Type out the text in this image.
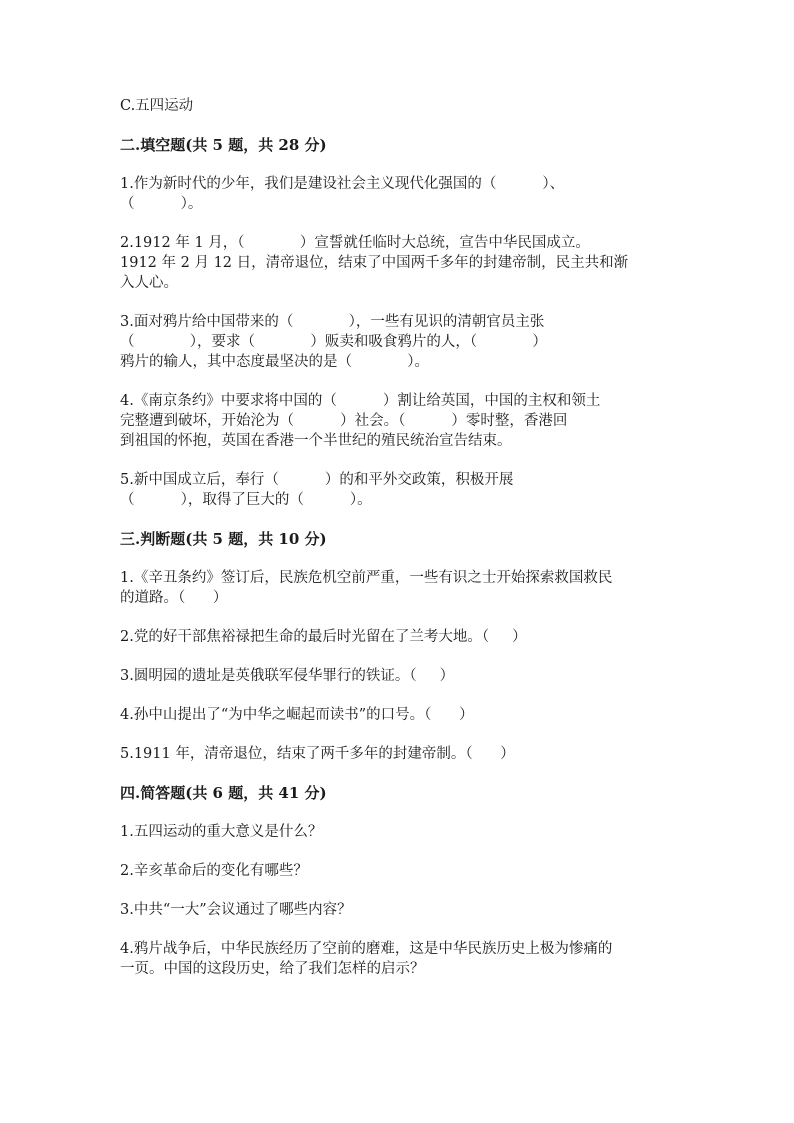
C.五四运动
二.填空题(共 5 题，共 28 分)
1.作为新时代的少年，我们是建设社会主义现代化强国的（          ）、
（          ）。
2.1912 年 1 月，（            ）宣誓就任临时大总统，宣告中华民国成立。
1912 年 2 月 12 日，清帝退位，结束了中国两千多年的封建帝制，民主共和渐
入人心。
3.面对鸦片给中国带来的（            ），一些有见识的清朝官员主张
（            ），要求（            ）贩卖和吸食鸦片的人，（            ）
鸦片的输人，其中态度最坚决的是（            ）。
4.《南京条约》中要求将中国的（          ）割让给英国，中国的主权和领土
完整遭到破坏，开始沦为（          ）社会。（          ）零时整，香港回
到祖国的怀抱，英国在香港一个半世纪的殖民统治宣告结束。
5.新中国成立后，奉行（          ）的和平外交政策，积极开展
（          ），取得了巨大的（          ）。
三.判断题(共 5 题，共 10 分)
1.《辛丑条约》签订后，民族危机空前严重，一些有识之士开始探索救国救民
的道路。（      ）
2.党的好干部焦裕禄把生命的最后时光留在了兰考大地。（     ）
3.圆明园的遗址是英俄联军侵华罪行的铁证。（     ）
4.孙中山提出了“为中华之崛起而读书”的口号。（      ）
5.1911 年，清帝退位，结束了两千多年的封建帝制。（      ）
四.简答题(共 6 题，共 41 分)
1.五四运动的重大意义是什么？
2.辛亥革命后的变化有哪些？
3.中共“一大”会议通过了哪些内容？
4.鸦片战争后，中华民族经历了空前的磨难，这是中华民族历史上极为惨痛的
一页。中国的这段历史，给了我们怎样的启示？
